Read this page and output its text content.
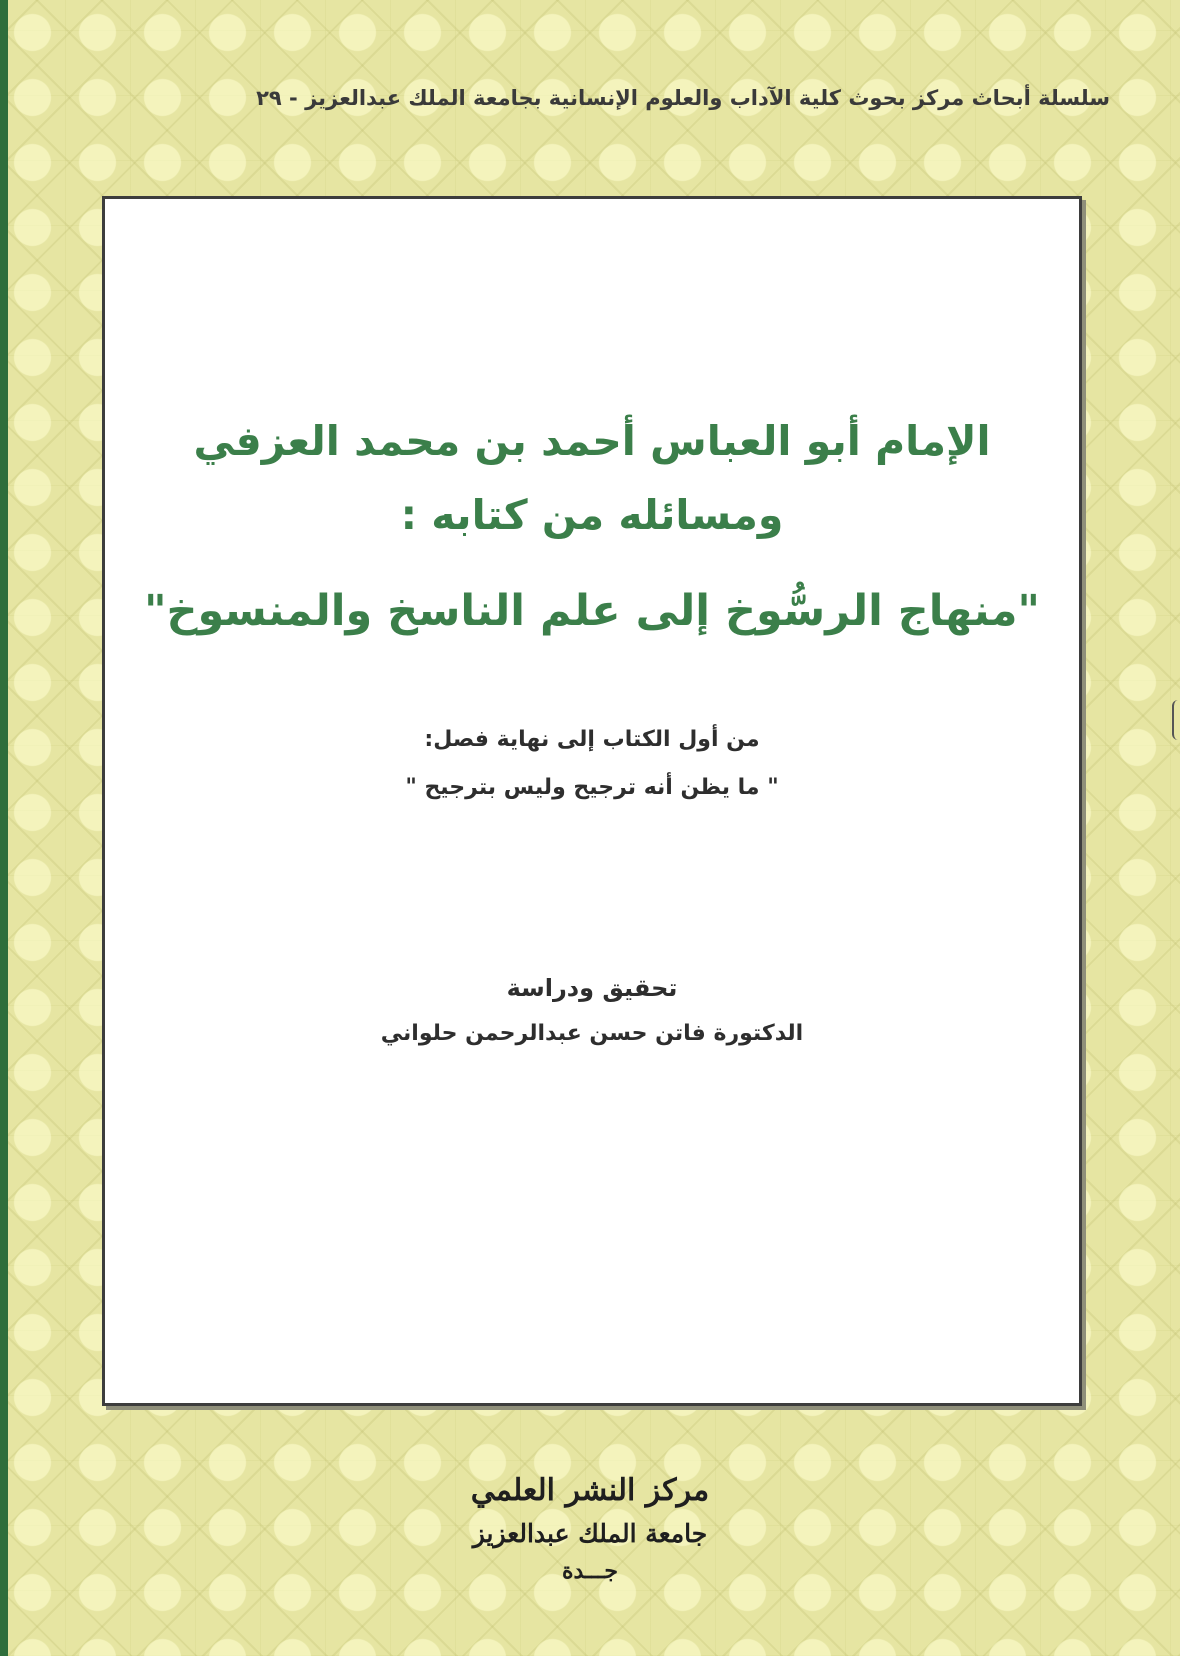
سلسلة أبحاث مركز بحوث كلية الآداب والعلوم الإنسانية بجامعة الملك عبدالعزيز - ٢٩
الإمام أبو العباس أحمد بن محمد العزفي
ومسائله من كتابه :
"منهاج الرسُّوخ إلى علم الناسخ والمنسوخ"
من أول الكتاب إلى نهاية فصل:
" ما يظن أنه ترجيح وليس بترجيح "
تحقيق ودراسة
الدكتورة فاتن حسن عبدالرحمن حلواني
مركز النشر العلمي
جامعة الملك عبدالعزيز
جـــدة
